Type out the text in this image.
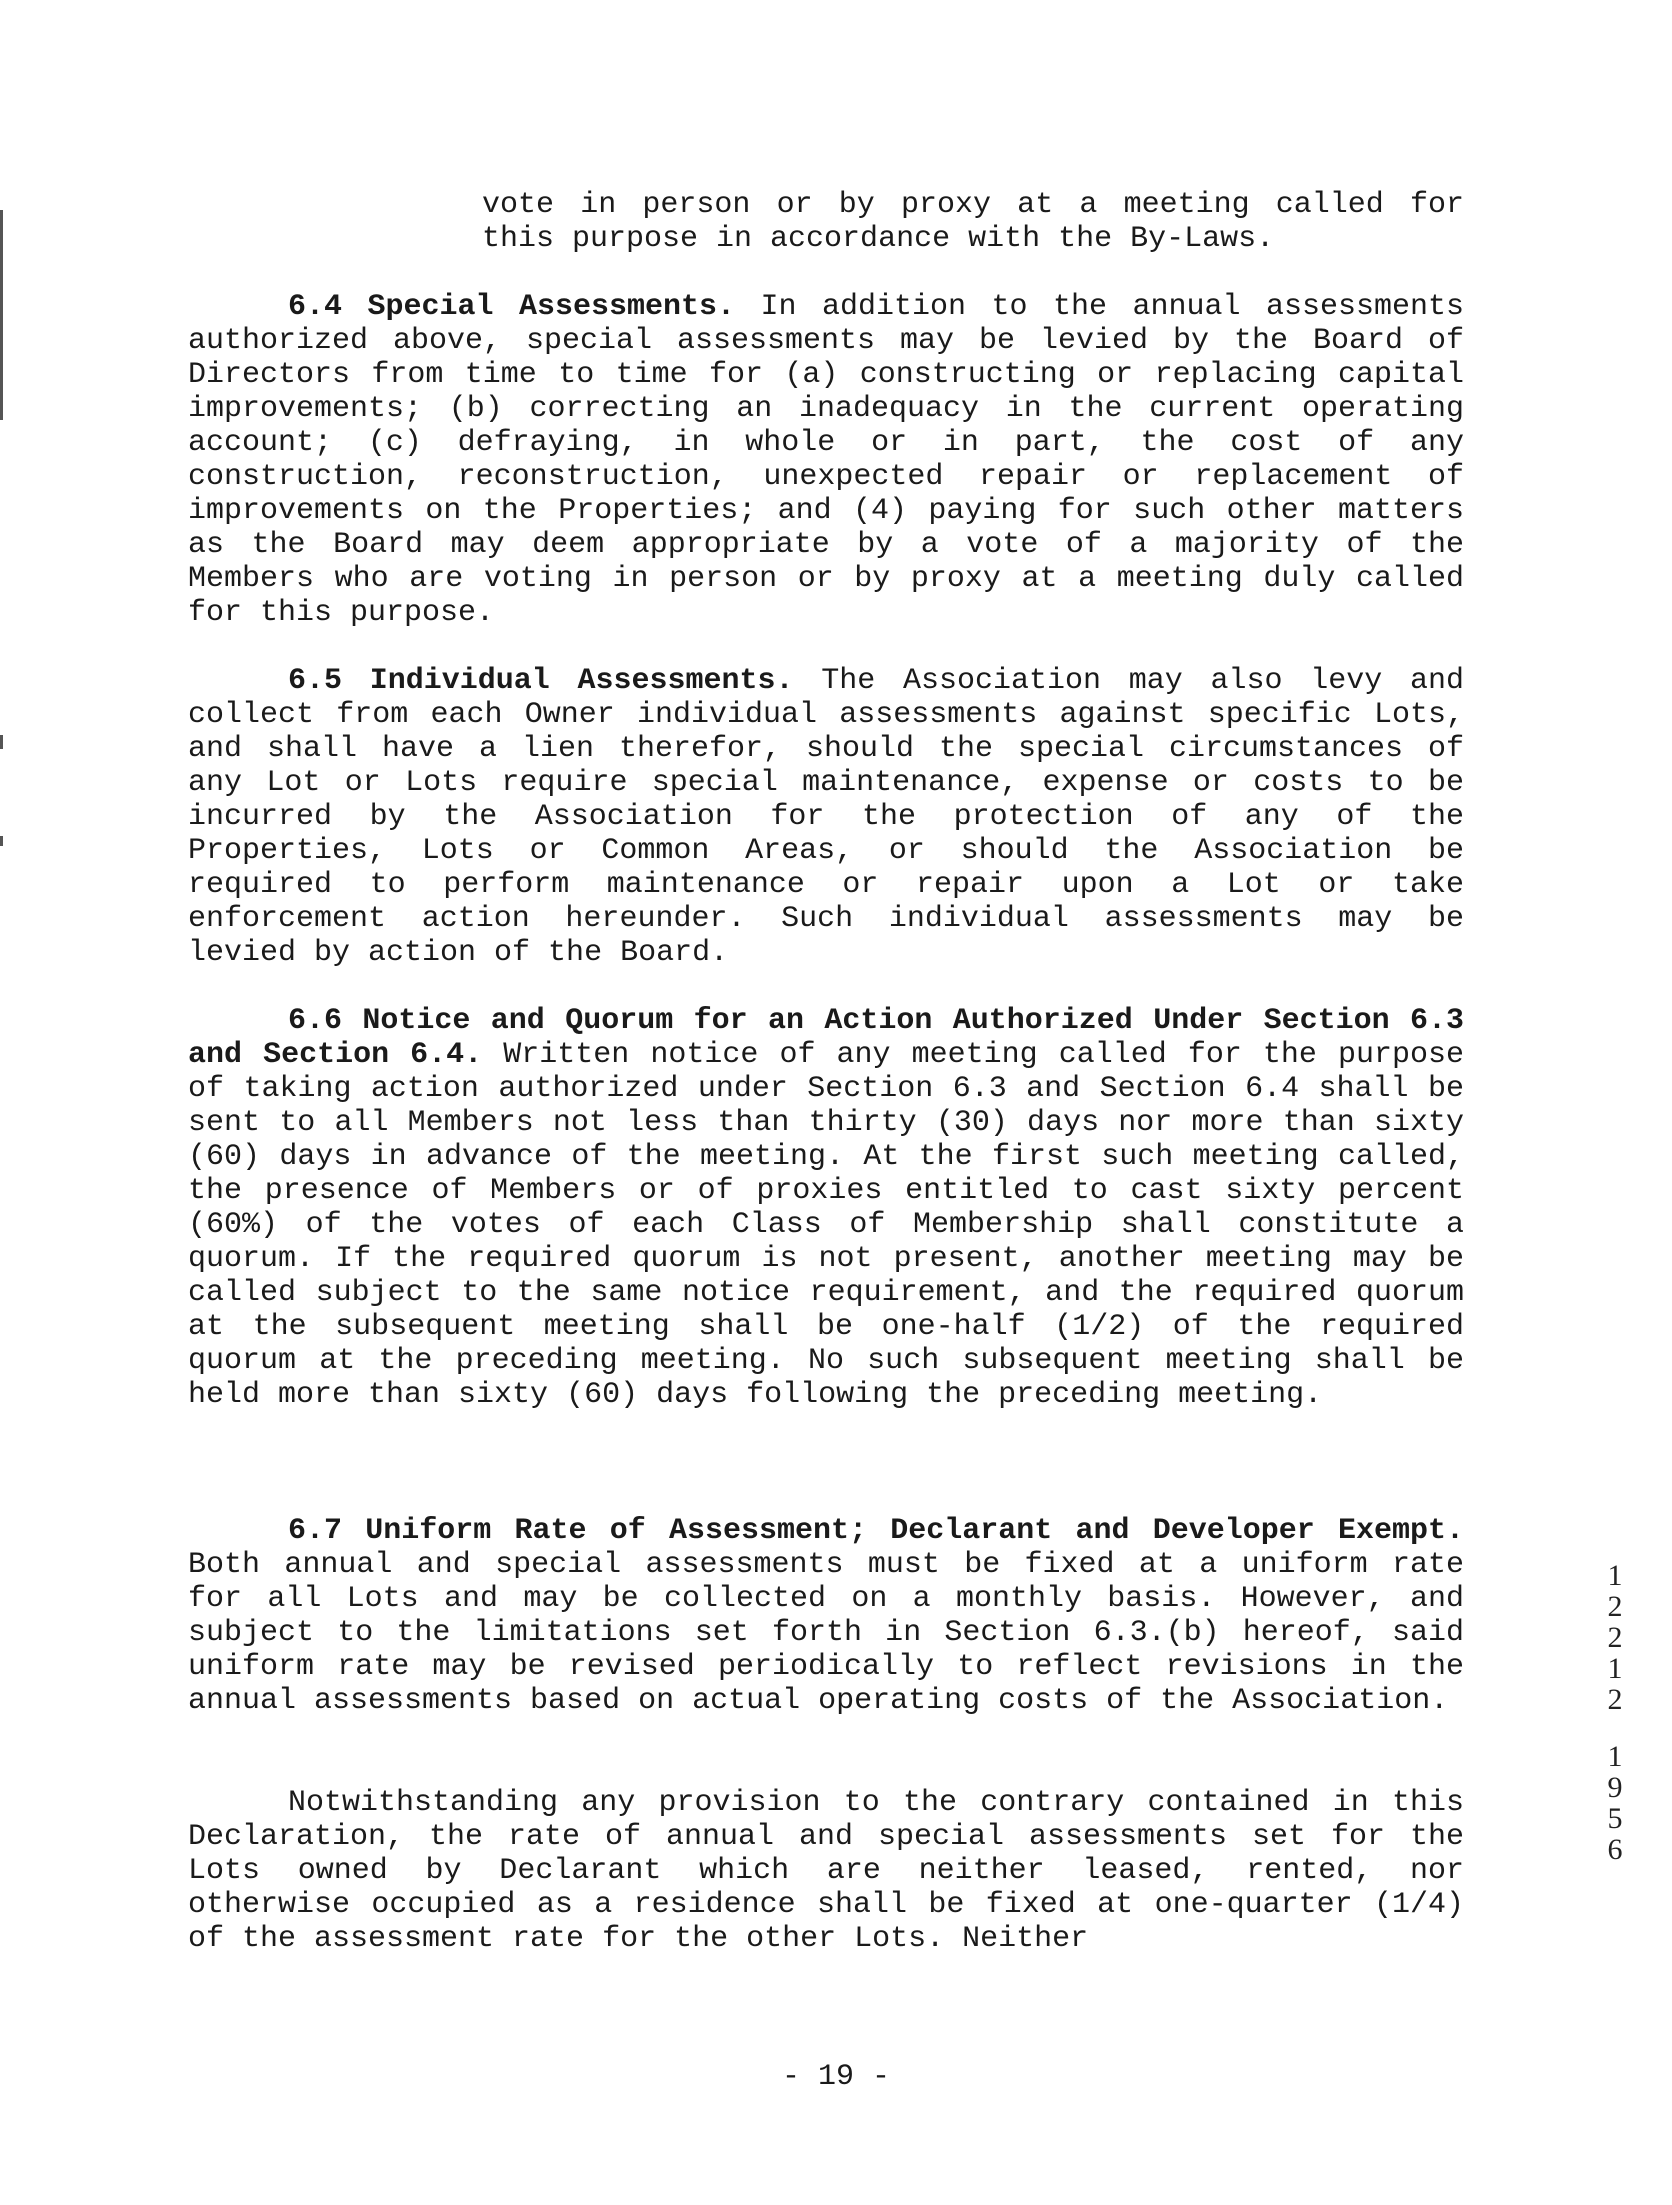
vote in person or by proxy at a meeting called for this purpose in accordance with the By-Laws.

6.4 Special Assessments. In addition to the annual assessments authorized above, special assessments may be levied by the Board of Directors from time to time for (a) constructing or replacing capital improvements; (b) correcting an inadequacy in the current operating account; (c) defraying, in whole or in part, the cost of any construction, reconstruction, unexpected repair or replacement of improvements on the Properties; and (4) paying for such other matters as the Board may deem appropriate by a vote of a majority of the Members who are voting in person or by proxy at a meeting duly called for this purpose.

6.5 Individual Assessments. The Association may also levy and collect from each Owner individual assessments against specific Lots, and shall have a lien therefor, should the special circumstances of any Lot or Lots require special maintenance, expense or costs to be incurred by the Association for the protection of any of the Properties, Lots or Common Areas, or should the Association be required to perform maintenance or repair upon a Lot or take enforcement action hereunder. Such individual assessments may be levied by action of the Board.

6.6 Notice and Quorum for an Action Authorized Under Section 6.3 and Section 6.4. Written notice of any meeting called for the purpose of taking action authorized under Section 6.3 and Section 6.4 shall be sent to all Members not less than thirty (30) days nor more than sixty (60) days in advance of the meeting. At the first such meeting called, the presence of Members or of proxies entitled to cast sixty percent (60%) of the votes of each Class of Membership shall constitute a quorum. If the required quorum is not present, another meeting may be called subject to the same notice requirement, and the required quorum at the subsequent meeting shall be one-half (1/2) of the required quorum at the preceding meeting. No such subsequent meeting shall be held more than sixty (60) days following the preceding meeting.

6.7 Uniform Rate of Assessment; Declarant and Developer Exempt. Both annual and special assessments must be fixed at a uniform rate for all Lots and may be collected on a monthly basis. However, and subject to the limitations set forth in Section 6.3.(b) hereof, said uniform rate may be revised periodically to reflect revisions in the annual assessments based on actual operating costs of the Association.

Notwithstanding any provision to the contrary contained in this Declaration, the rate of annual and special assessments set for the Lots owned by Declarant which are neither leased, rented, nor otherwise occupied as a residence shall be fixed at one-quarter (1/4) of the assessment rate for the other Lots. Neither

1
2
2
1
2
1
9
5
6
- 19 -
